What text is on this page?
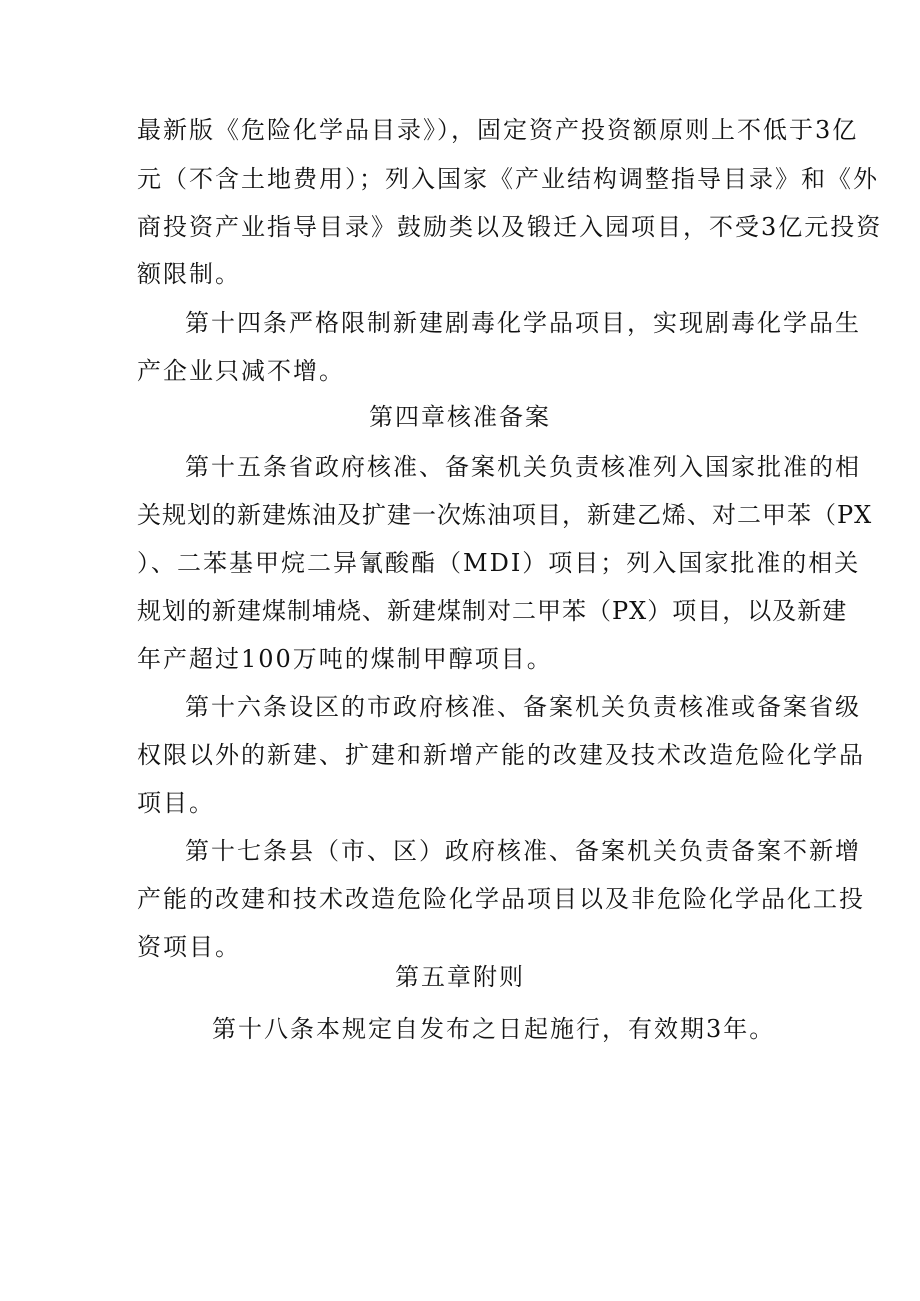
最新版《危险化学品目录》），固定资产投资额原则上不低于3亿
元（不含土地费用）；列入国家《产业结构调整指导目录》和《外
商投资产业指导目录》鼓励类以及锻迁入园项目，不受3亿元投资
额限制。
第十四条严格限制新建剧毒化学品项目，实现剧毒化学品生
产企业只减不增。
第四章核准备案
第十五条省政府核准、备案机关负责核准列入国家批准的相
关规划的新建炼油及扩建一次炼油项目，新建乙烯、对二甲苯（PX
）、二苯基甲烷二异氰酸酯（MDI）项目；列入国家批准的相关
规划的新建煤制埔烧、新建煤制对二甲苯（PX）项目，以及新建
年产超过100万吨的煤制甲醇项目。
第十六条设区的市政府核准、备案机关负责核准或备案省级
权限以外的新建、扩建和新增产能的改建及技术改造危险化学品
项目。
第十七条县（市、区）政府核准、备案机关负责备案不新增
产能的改建和技术改造危险化学品项目以及非危险化学品化工投
资项目。
第五章附则
第十八条本规定自发布之日起施行，有效期3年。
